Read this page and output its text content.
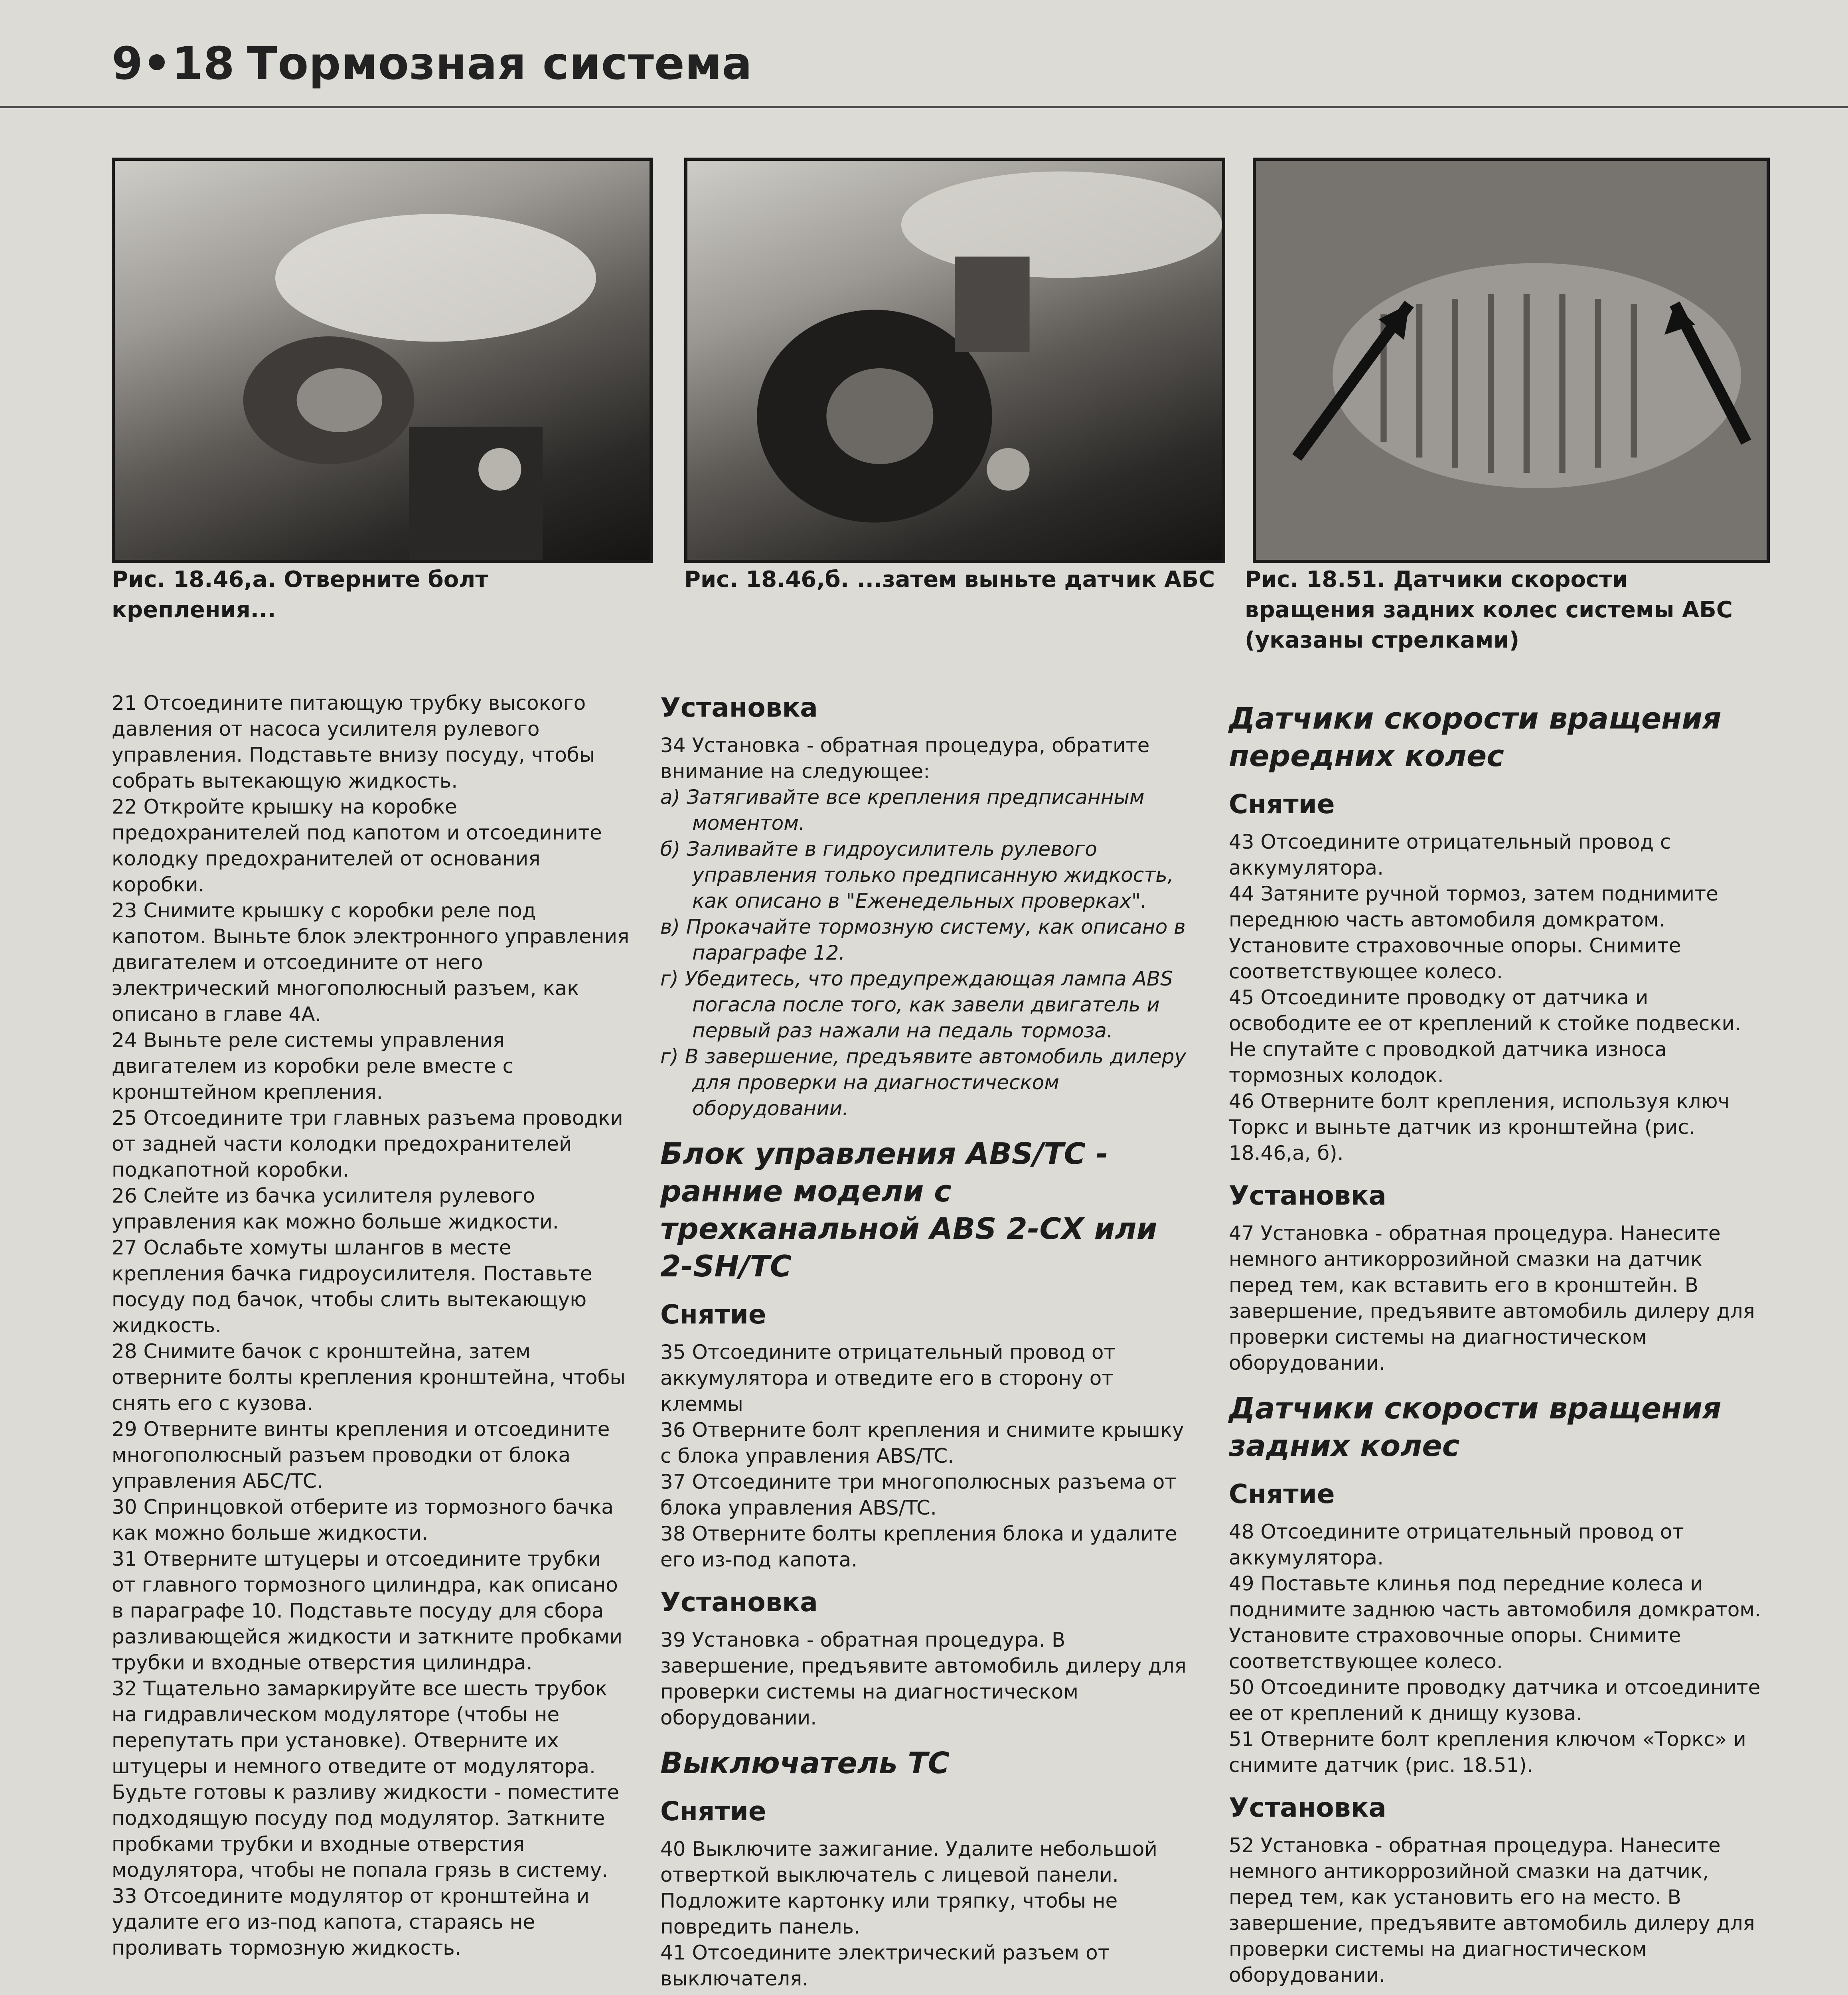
9 18 Тормозная система
Рис. 18.46,а. Отверните болт крепления...
Рис. 18.46,б. ...затем выньте датчик АБС	Рис. 18.51. Датчики скорости вращения задних колес системы АБС (указаны стрелками)

21 Отсоедините питающую трубку высокого давления от насоса усилителя рулевого управления. Подставьте внизу посуду, чтобы собрать вытекающую жидкость.

22 Откройте крышку на коробке предохранителей под капотом и отсоедините колодку предохранителей от основания коробки.

23 Снимите крышку с коробки реле под капотом. Выньте блок электронного управления двигателем и отсоедините от него электрический многополюсный разъем, как описано в главе 4А.

24 Выньте реле системы управления двигателем из коробки реле вместе с кронштейном крепления.

25 Отсоедините три главных разъема проводки от задней части колодки предохранителей подкапотной коробки.

26 Слейте из бачка усилителя рулевого управления как можно больше жидкости.

27 Ослабьте хомуты шлангов в месте крепления бачка гидроусилителя. Поставьте посуду под бачок, чтобы слить вытекающую жидкость.

28 Снимите бачок с кронштейна, затем отверните болты крепления кронштейна, чтобы снять его с кузова.

29 Отверните винты крепления и отсоедините многополюсный разъем проводки от блока управления АБС/ТС.

30 Спринцовкой отберите из тормозного бачка как можно больше жидкости.

31 Отверните штуцеры и отсоедините трубки от главного тормозного цилиндра, как описано в параграфе 10. Подставьте посуду для сбора разливающейся жидкости и заткните пробками трубки и входные отверстия цилиндра.

32 Тщательно замаркируйте все шесть трубок на гидравлическом модуляторе (чтобы не перепутать при установке). Отверните их штуцеры и немного отведите от модулятора. Будьте готовы к разливу жидкости - поместите подходящую посуду под модулятор. Заткните пробками трубки и входные отверстия модулятора, чтобы не попала грязь в систему.

33 Отсоедините модулятор от кронштейна и удалите его из-под капота, стараясь не проливать тормозную жидкость.

Установка

34 Установка - обратная процедура, обратите внимание на следующее:

а) Затягивайте все крепления предписанным моментом.
б) Заливайте в гидроусилитель рулевого управления только предписанную жидкость, как описано в "Еженедельных проверках".
в) Прокачайте тормозную систему, как описано в параграфе 12.
г) Убедитесь, что предупреждающая лампа ABS погасла после того, как завели двигатель и первый раз нажали на педаль тормоза.
г) В завершение, предъявите автомобиль дилеру для проверки на диагностическом оборудовании.
Блок управления ABS/TC - ранние модели с трехканальной ABS 2-CX или 2-SH/TC
Снятие

35 Отсоедините отрицательный провод от аккумулятора и отведите его в сторону от клеммы

36 Отверните болт крепления и снимите крышку с блока управления ABS/TC.

37 Отсоедините три многополюсных разъема от блока управления ABS/TC.

38 Отверните болты крепления блока и удалите его из-под капота.

Установка

39 Установка - обратная процедура. В завершение, предъявите автомобиль дилеру для проверки системы на диагностическом оборудовании.

Выключатель TC
Снятие

40 Выключите зажигание. Удалите небольшой отверткой выключатель с лицевой панели. Подложите картонку или тряпку, чтобы не повредить панель.

41 Отсоедините электрический разъем от выключателя.

Датчики скорости вращения передних колес
Снятие

43 Отсоедините отрицательный провод с аккумулятора.

44 Затяните ручной тормоз, затем поднимите переднюю часть автомобиля домкратом. Установите страховочные опоры. Снимите соответствующее колесо.

45 Отсоедините проводку от датчика и освободите ее от креплений к стойке подвески. Не спутайте с проводкой датчика износа тормозных колодок.

46 Отверните болт крепления, используя ключ Торкс и выньте датчик из кронштейна (рис. 18.46,а, б).

Установка

47 Установка - обратная процедура. Нанесите немного антикоррозийной смазки на датчик перед тем, как вставить его в кронштейн. В завершение, предъявите автомобиль дилеру для проверки системы на диагностическом оборудовании.

Датчики скорости вращения задних колес
Снятие

48 Отсоедините отрицательный провод от аккумулятора.

49 Поставьте клинья под передние колеса и поднимите заднюю часть автомобиля домкратом. Установите страховочные опоры. Снимите соответствующее колесо.

50 Отсоедините проводку датчика и отсоедините ее от креплений к днищу кузова.

51 Отверните болт крепления ключом «Торкс» и снимите датчик (рис. 18.51).

Установка

52 Установка - обратная процедура. Нанесите немного антикоррозийной смазки на датчик, перед тем, как установить его на место. В завершение, предъявите автомобиль дилеру для проверки системы на диагностическом оборудовании.
